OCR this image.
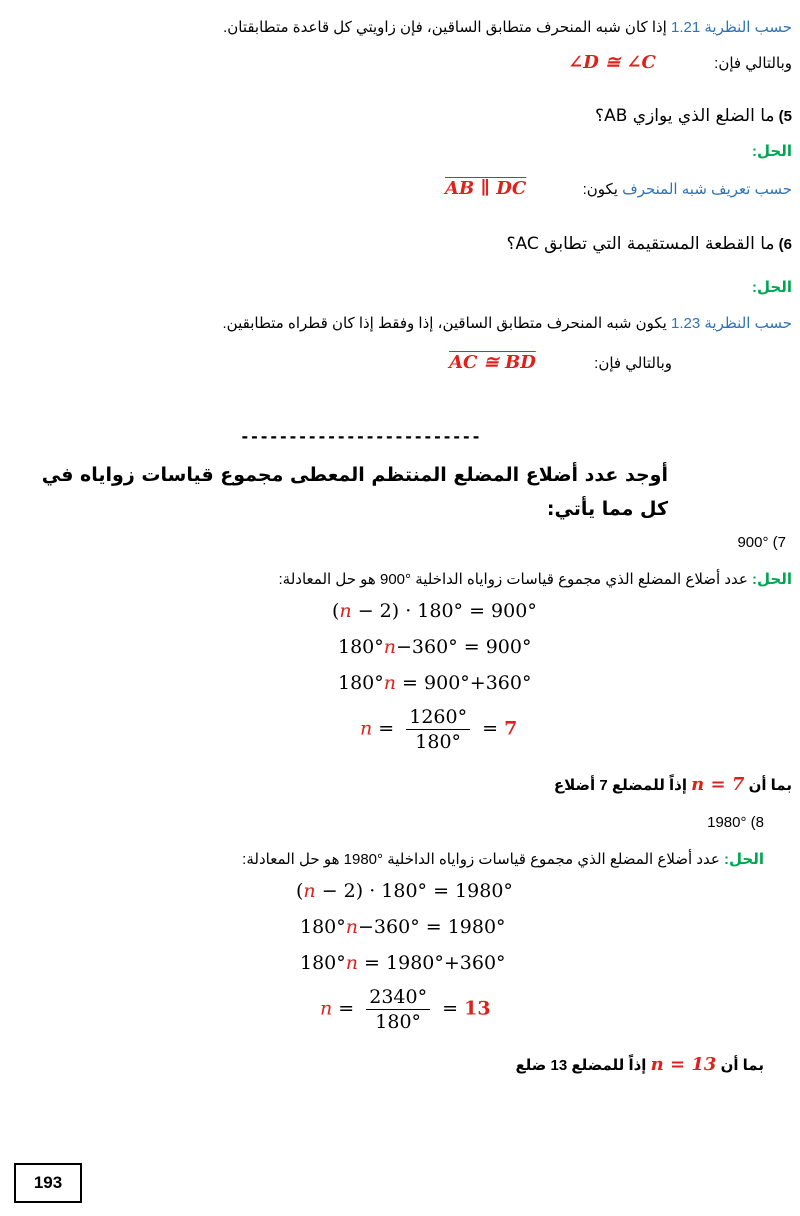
حسب النظرية 1.21 إذا كان شبه المنحرف متطابق الساقين، فإن زاويتي كل قاعدة متطابقتان.
وبالتالي فإن:  ∠D ≅ ∠C
5) ما الضلع الذي يوازي AB؟
الحل:
حسب تعريف شبه المنحرف يكون:  AB ∥ DC
6) ما القطعة المستقيمة التي تطابق AC؟
الحل:
حسب النظرية 1.23 يكون شبه المنحرف متطابق الساقين، إذا وفقط إذا كان قطراه متطابقين.
وبالتالي فإن:  AC ≅ BD
-------------------------
أوجد عدد أضلاع المضلع المنتظم المعطى مجموع قياسات زواياه في
كل مما يأتي:
900° (7
الحل: عدد أضلاع المضلع الذي مجموع قياسات زواياه الداخلية °900 هو حل المعادلة:
(n − 2) · 180° = 900°
180°n−360° = 900°
180°n = 900°+360°
$n = \frac{1260^\circ}{180^\circ} = 7$
بما أن n = 7 إذاً للمضلع 7 أضلاع
1980° (8
الحل: عدد أضلاع المضلع الذي مجموع قياسات زواياه الداخلية °1980 هو حل المعادلة:
(n − 2) · 180° = 1980°
180°n−360° = 1980°
180°n = 1980°+360°
$n = \frac{2340^\circ}{180^\circ} = 13$
بما أن n = 13 إذاً للمضلع 13 ضلع
193
